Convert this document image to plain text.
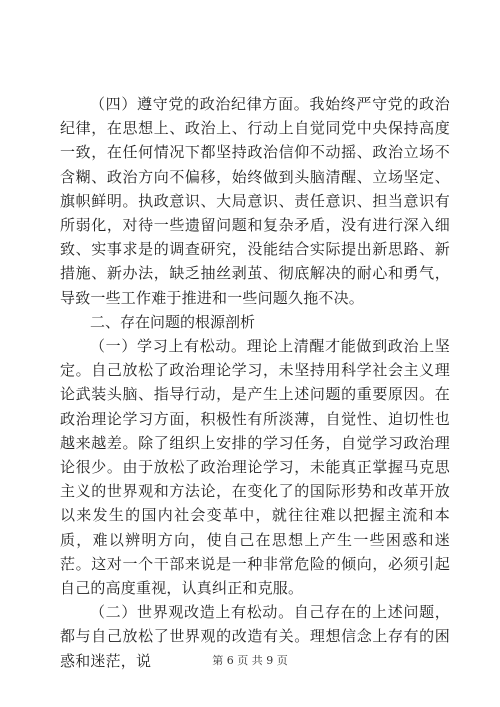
（四）遵守党的政治纪律方面。我始终严守党的政治纪律，在思想上、政治上、行动上自觉同党中央保持高度一致，在任何情况下都坚持政治信仰不动摇、政治立场不含糊、政治方向不偏移，始终做到头脑清醒、立场坚定、旗帜鲜明。执政意识、大局意识、责任意识、担当意识有所弱化，对待一些遗留问题和复杂矛盾，没有进行深入细致、实事求是的调查研究，没能结合实际提出新思路、新措施、新办法，缺乏抽丝剥茧、彻底解决的耐心和勇气，导致一些工作难于推进和一些问题久拖不决。

二、存在问题的根源剖析

（一）学习上有松动。理论上清醒才能做到政治上坚定。自己放松了政治理论学习，未坚持用科学社会主义理论武装头脑、指导行动，是产生上述问题的重要原因。在政治理论学习方面，积极性有所淡薄，自觉性、迫切性也越来越差。除了组织上安排的学习任务，自觉学习政治理论很少。由于放松了政治理论学习，未能真正掌握马克思主义的世界观和方法论，在变化了的国际形势和改革开放以来发生的国内社会变革中，就往往难以把握主流和本质，难以辨明方向，使自己在思想上产生一些困惑和迷茫。这对一个干部来说是一种非常危险的倾向，必须引起自己的高度重视，认真纠正和克服。

（二）世界观改造上有松动。自己存在的上述问题，都与自己放松了世界观的改造有关。理想信念上存有的困惑和迷茫，说	第 6 页 共 9 页
